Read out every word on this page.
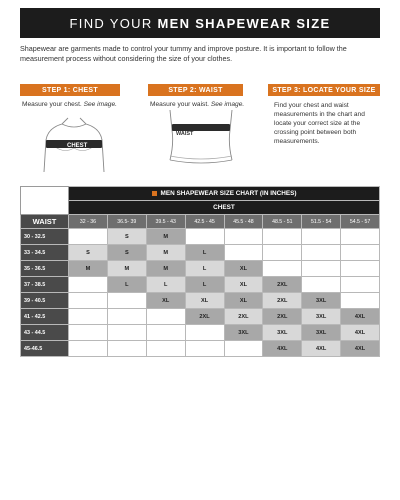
FIND YOUR MEN SHAPEWEAR SIZE
Shapewear are garments made to control your tummy and improve posture. It is important to follow the measurement process without considering the size of your clothes.
STEP 1: CHEST
Measure your chest. See image.
CHEST
STEP 2: WAIST
Measure your waist. See image.
WAIST
STEP 3: LOCATE YOUR SIZE
Find your chest and waist measurements in the chart and locate your correct size at the crossing point between both measurements.
	MEN SHAPEWEAR SIZE CHART (IN INCHES)							
	CHEST							
WAIST	32 - 36	36.5- 39	39.5 - 43	42.5 - 45	45.5 - 48	48.5 - 51	51.5 - 54	54.5 - 57
30 - 32.5		S	M					
33 - 34.5	S	S	M	L				
35 - 36.5	M	M	M	L	XL			
37 - 38.5		L	L	L	XL	2XL		
39 - 40.5			XL	XL	XL	2XL	3XL	
41 - 42.5				2XL	2XL	2XL	3XL	4XL
43 - 44.5					3XL	3XL	3XL	4XL
45-46.5						4XL	4XL	4XL
